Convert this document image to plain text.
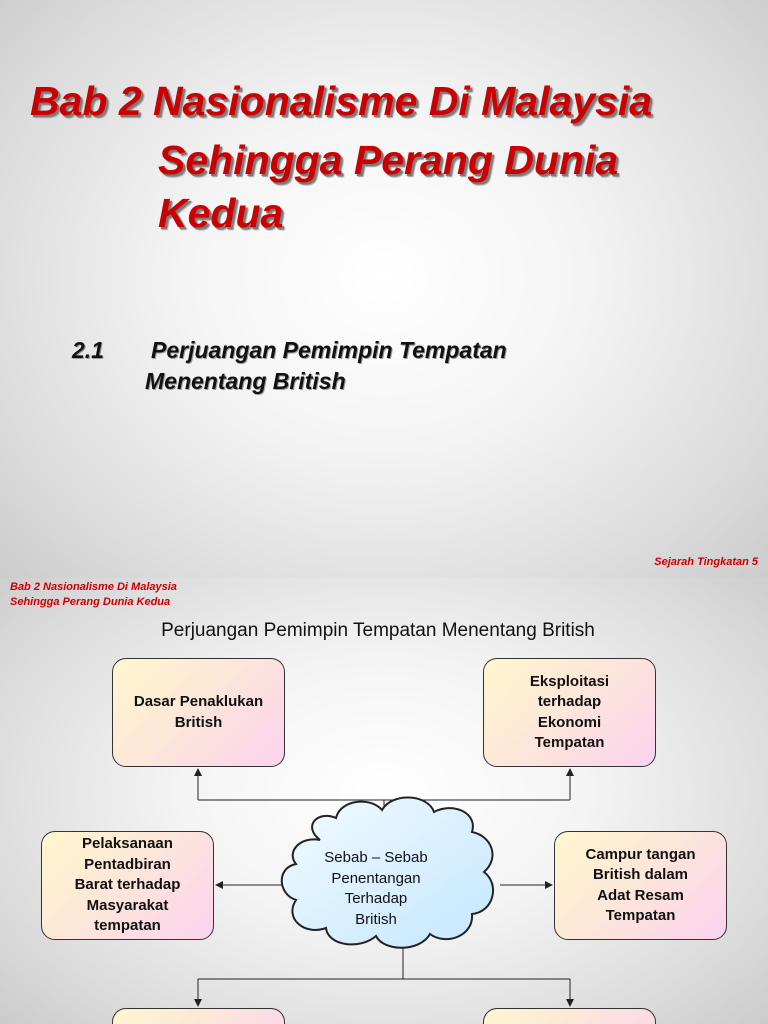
Bab 2 Nasionalisme Di Malaysia

Sehingga Perang Dunia

Kedua

2.1 Perjuangan Pemimpin Tempatan

Menentang British

Sejarah Tingkatan 5

Bab 2 Nasionalisme Di Malaysia

Sehingga Perang Dunia Kedua

Perjuangan Pemimpin Tempatan Menentang British

Sebab – Sebab
Penentangan
Terhadap
British
Dasar Penaklukan
British
Eksploitasi
terhadap
Ekonomi
Tempatan
Pelaksanaan
Pentadbiran
Barat terhadap
Masyarakat
tempatan
Campur tangan
British dalam
Adat Resam
Tempatan
